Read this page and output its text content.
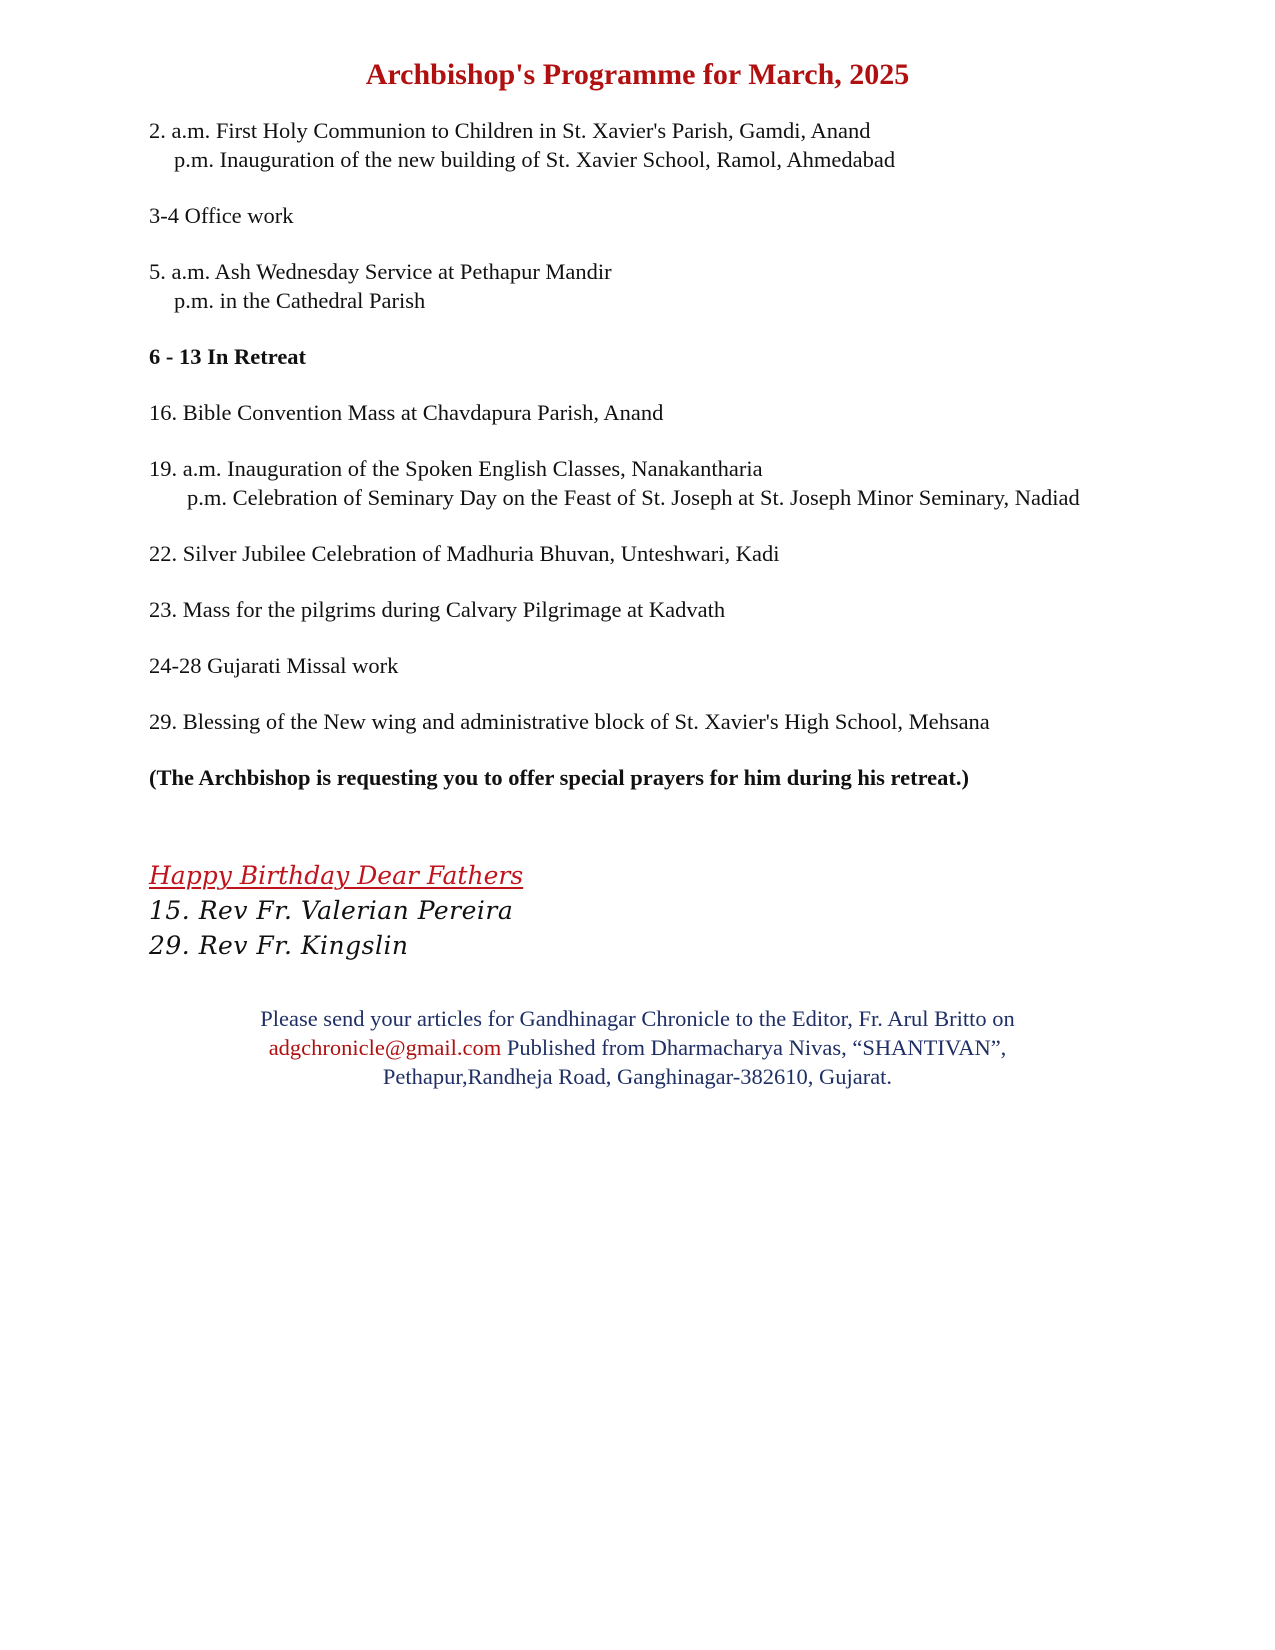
Archbishop's Programme for March, 2025
2. a.m. First Holy Communion to Children in St. Xavier's Parish, Gamdi, Anand
p.m. Inauguration of the new building of St. Xavier School, Ramol, Ahmedabad
3-4 Office work
5. a.m. Ash Wednesday Service at Pethapur Mandir
p.m. in the Cathedral Parish
6 - 13 In Retreat
16. Bible Convention Mass at Chavdapura Parish, Anand
19. a.m. Inauguration of the Spoken English Classes, Nanakantharia
p.m. Celebration of Seminary Day on the Feast of St. Joseph at St. Joseph Minor Seminary, Nadiad
22. Silver Jubilee Celebration of Madhuria Bhuvan, Unteshwari, Kadi
23. Mass for the pilgrims during Calvary Pilgrimage at Kadvath
24-28 Gujarati Missal work
29. Blessing of the New wing and administrative block of St. Xavier's High School, Mehsana
(The Archbishop is requesting you to offer special prayers for him during his retreat.)
Happy Birthday Dear Fathers
15. Rev Fr. Valerian Pereira
29. Rev Fr. Kingslin
Please send your articles for Gandhinagar Chronicle to the Editor, Fr. Arul Britto on
adgchronicle@gmail.com Published from Dharmacharya Nivas, “SHANTIVAN”,
Pethapur,Randheja Road, Ganghinagar-382610, Gujarat.
